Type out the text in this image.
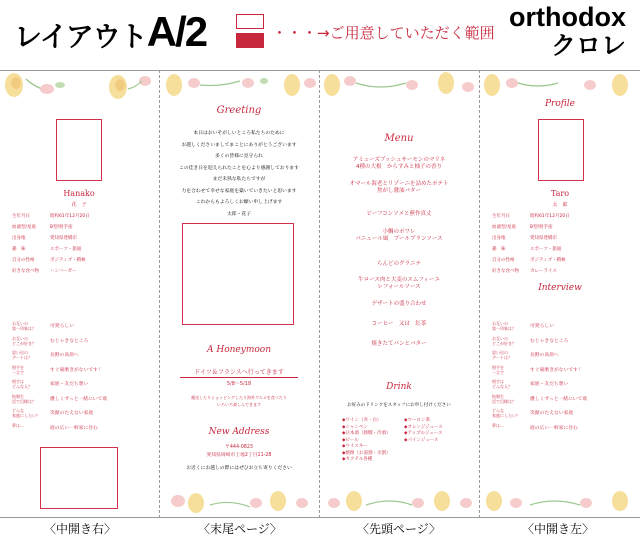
レイアウトA/2	・・・→ご用意していただく範囲
orthodox
クロレ
Hanako
花　子
生年月日	昭和61年12月20日
血液型/星座	B型/射手座
出身地	愛知県豊橋市
趣　味	スポーツ・旅通
自分の性格	ポジティブ・積極
好きな食べ物 ハンバーガー
お互いの
第一印象は？	可愛らしい
お互いの
どこが好き？	むじゃきなところ
思い出の
デートは？	長野の高原へ
相手を
一言で	すぐ歯磨きがないです！
相手は
どんな人？	家族・友だち想い
結婚生
活で目標は？	優しくずっと一緒にいて欲
どんな
家庭にしたい？	笑顔のたえない家庭
夢は…
庭の広い一軒家に住む
Greeting
本日はおいそがしいところ私たちのために
お越しくださいましてまことにありがとうございます
多くの皆様に見守られ
この佳き日を迎えられたことを心より感謝しております
まだ未熟な私たちですが
力を合わせて幸せな家庭を築いていきたいと思います
これからもよろしくお願い申し上げます
太郎・花子
A Honeymoon
ドイツ＆フランスへ行ってきます
5/8～5/18
観光したりショッピングしたり海外グルメを食べたり
いろいろ楽しんできます
New Address
〒444-0823
愛知県岡崎市上地2丁目11-28
お近くにお越しの際にはぜひお立ち寄りください
Menu
アミューズブッシュサーモンのマリネ
4種の大根　からすみと柚子の香り
オマール海老とリゾーニを詰めたポテト
焦がし醤油バター
ビーフコンソメと蕪作真丈
小鯛のポワレ
バニュール風　ブールブランソース
らんどのグラニテ
牛ロース肉と大麦のスムフィーユ
レフォールソース
デザートの盛り合わせ
コーヒー　又は　紅茶
焼きたてパンとバター
Drink
お好みのドリンクをスタッフにお申し付けください
◆ワイン（赤・白）
◆シャンペン
◆日本酒（熱燗・冷酒）
◆ビール
◆ウイスキー
◆焼酎（お湯割・水割）
◆カクテル各種
◆ウーロン茶
◆オレンジジュース
◆アップルジュース
◆パインジュース
Profile
Taro
太　郎
生年月日	昭和61年12月20日
血液型/星座	B型/射手座
出身地	愛知県豊橋市
趣　味	スポーツ・旅通
自分の性格	ポジティブ・積極
好きな食べ物 カレーライス
Interview
お互いの
第一印象は？	可愛らしい
お互いの
どこが好き？	むじゃきなところ
思い出の
デートは？	長野の高原へ
相手を
一言で	すぐ歯磨きがないです！
相手は
どんな人？	家族・友だち想い
結婚生
活で目標は？	優しくずっと一緒にいて欲
どんな
家庭にしたい？	笑顔のたえない家庭
夢は…
庭の広い一軒家に住む
〈中開き右〉	〈末尾ページ〉	〈先頭ページ〉	〈中開き左〉
